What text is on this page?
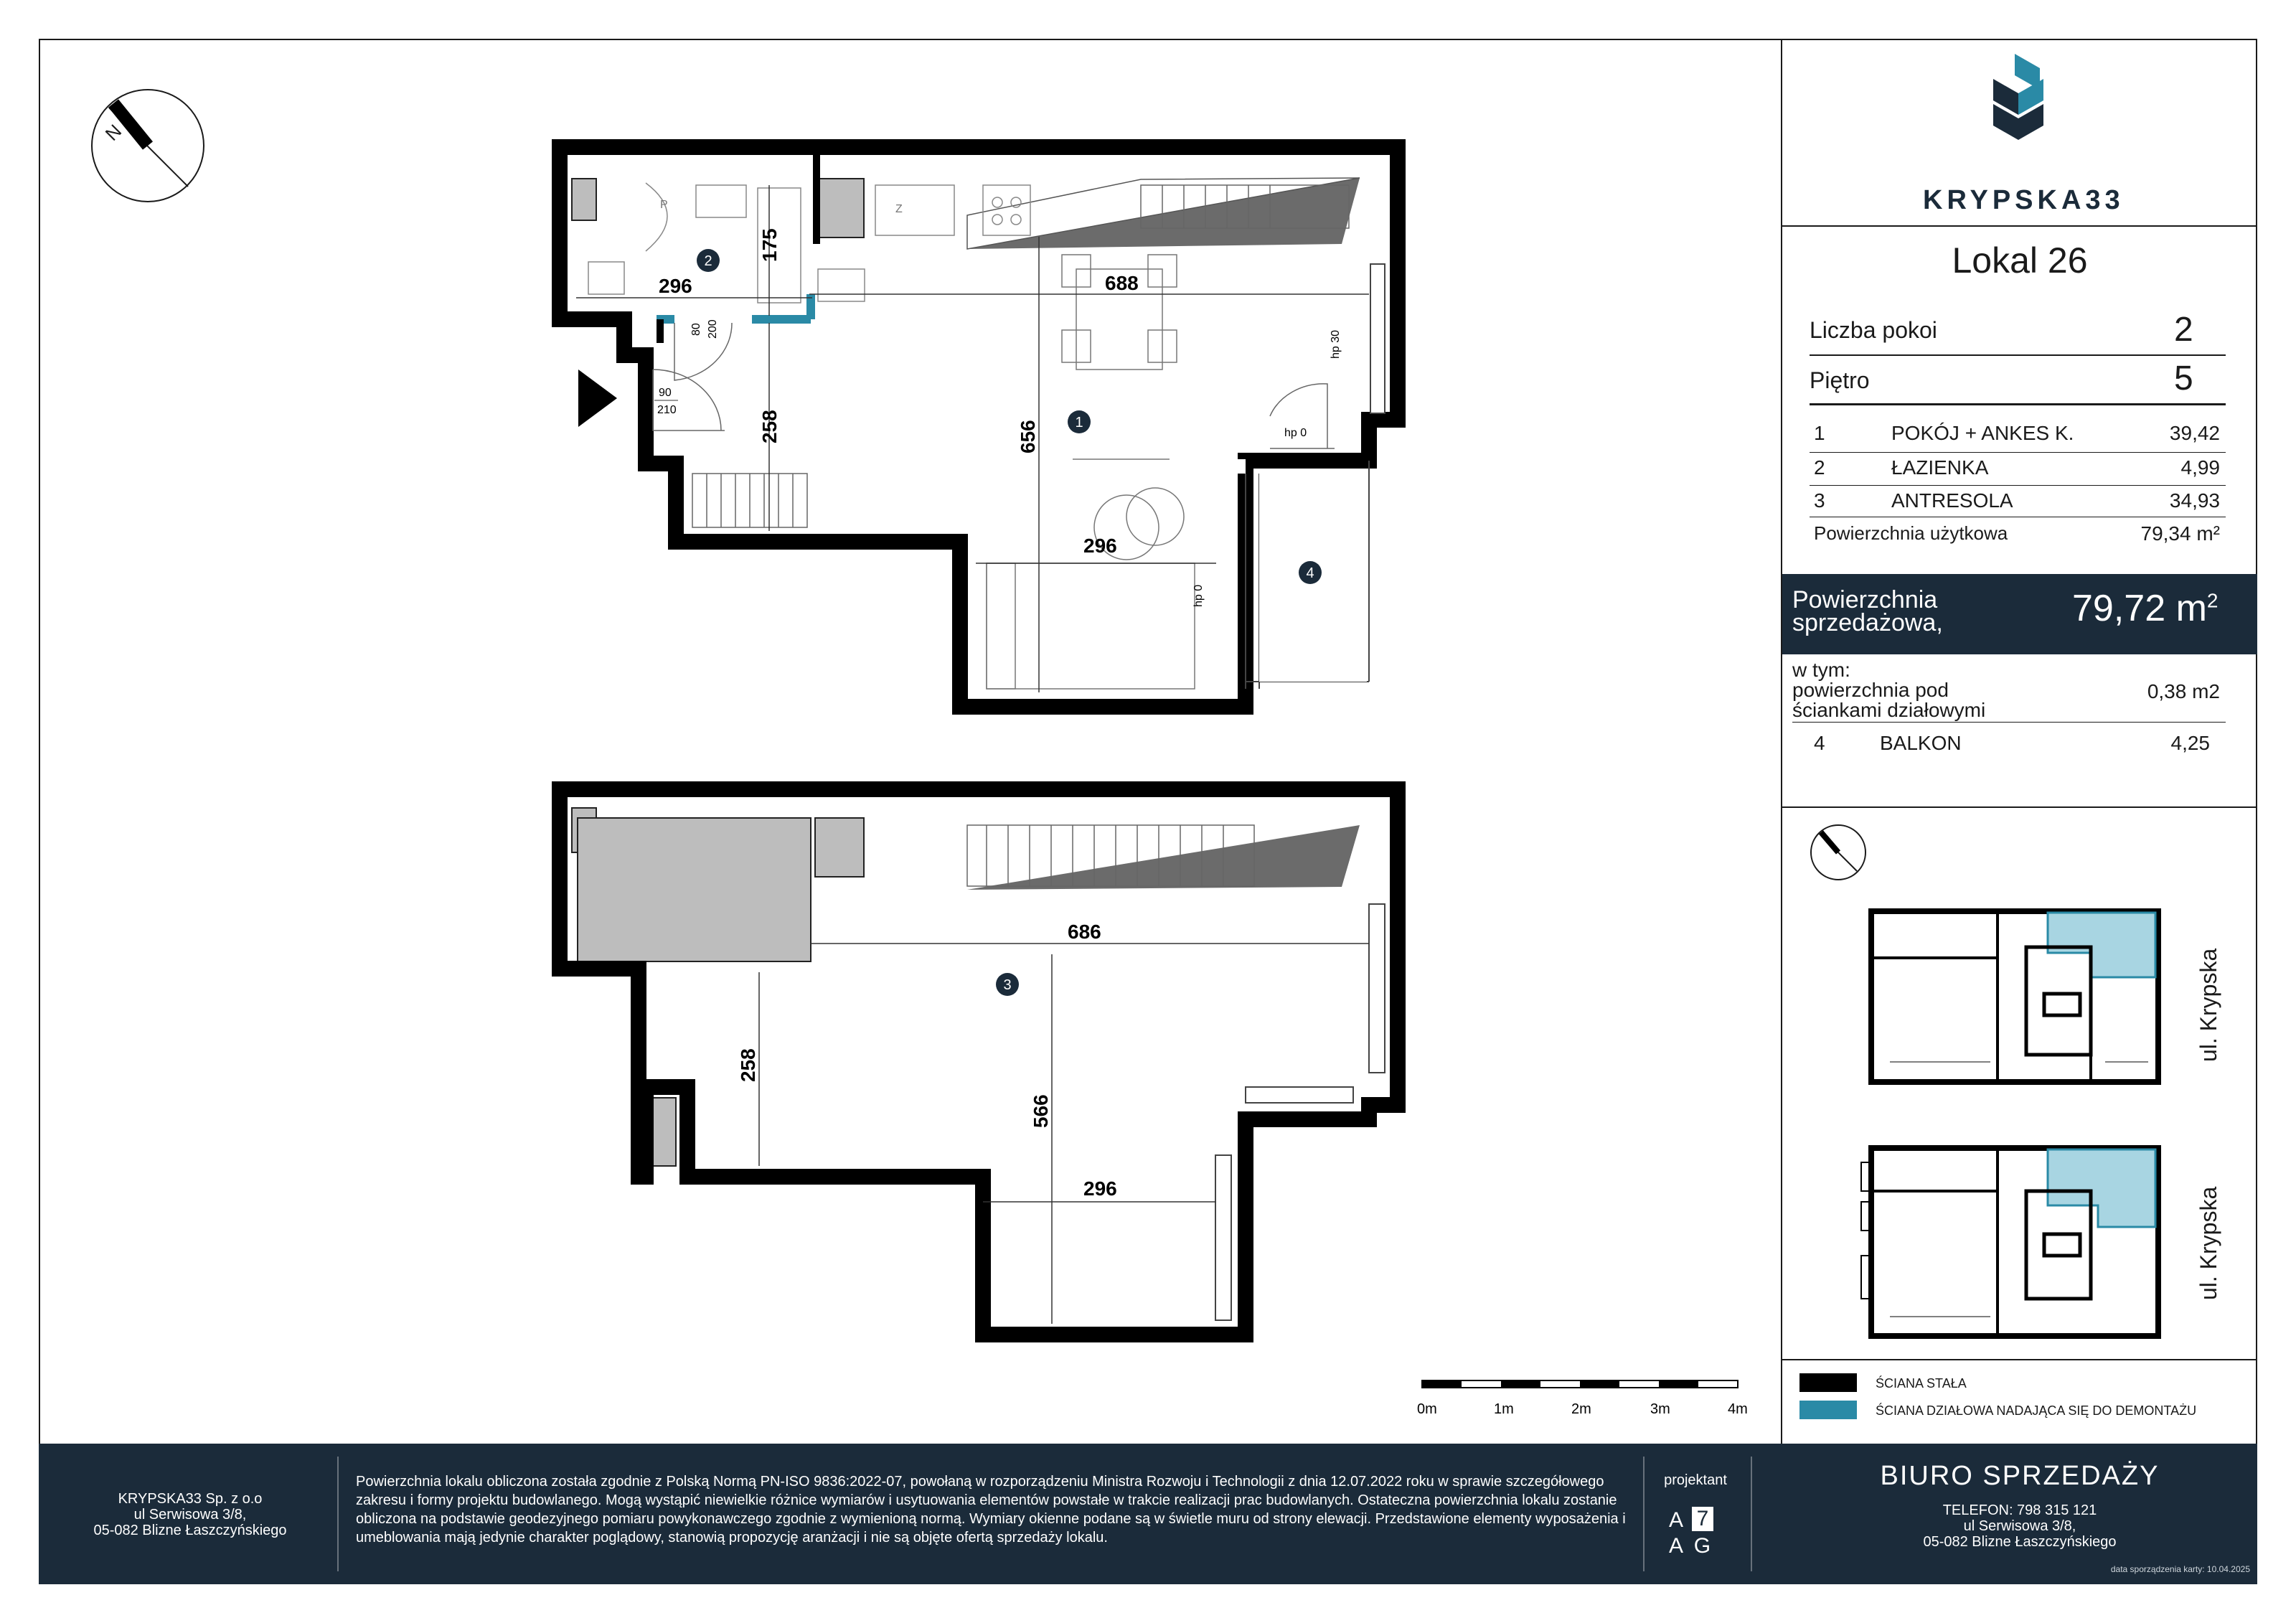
N
296
175
688
258	656
296
80 200
90
210
hp 30
hp 0
hp 0
P	Z
2
1
4
686
258
566
296
3
0m	1m	2m	3m	4m
KRYPSKA33
Lokal 26
Liczba pokoi	2
Piętro	5
1	POKÓJ + ANKES K.	39,42
2	ŁAZIENKA	4,99
3	ANTRESOLA	34,93
Powierzchnia użytkowa	79,34 m²
Powierzchnia
sprzedażowa,	79,72 $m^2$
w tym:
powierzchnia pod
ściankami działowymi
0,38 m2
4	BALKON	4,25
ul. Krypska
ul. Krypska
ŚCIANA STAŁA
ŚCIANA DZIAŁOWA NADAJĄCA SIĘ DO DEMONTAŻU
KRYPSKA33 Sp. z o.o
ul Serwisowa 3/8,
05-082 Blizne Łaszczyńskiego
Powierzchnia lokalu obliczona została zgodnie z Polską Normą PN-ISO 9836:2022-07, powołaną w rozporządzeniu Ministra Rozwoju i Technologii z dnia 12.07.2022 roku w sprawie szczegółowego zakresu i formy projektu budowlanego. Mogą wystąpić niewielkie różnice wymiarów i usytuowania elementów powstałe w trakcie realizacji prac budowlanych. Ostateczna powierzchnia lokalu zostanie obliczona na podstawie geodezyjnego pomiaru powykonawczego zgodnie z wymienioną normą. Wymiary okienne podane są w świetle muru od strony elewacji. Przedstawione elementy wyposażenia i umeblowania mają jedynie charakter poglądowy, stanowią propozycję aranżacji i nie są objęte ofertą sprzedaży lokalu.
projektant
A 7
A G
BIURO SPRZEDAŻY
TELEFON: 798 315 121
ul Serwisowa 3/8,
05-082 Blizne Łaszczyńskiego
data sporządzenia karty: 10.04.2025
